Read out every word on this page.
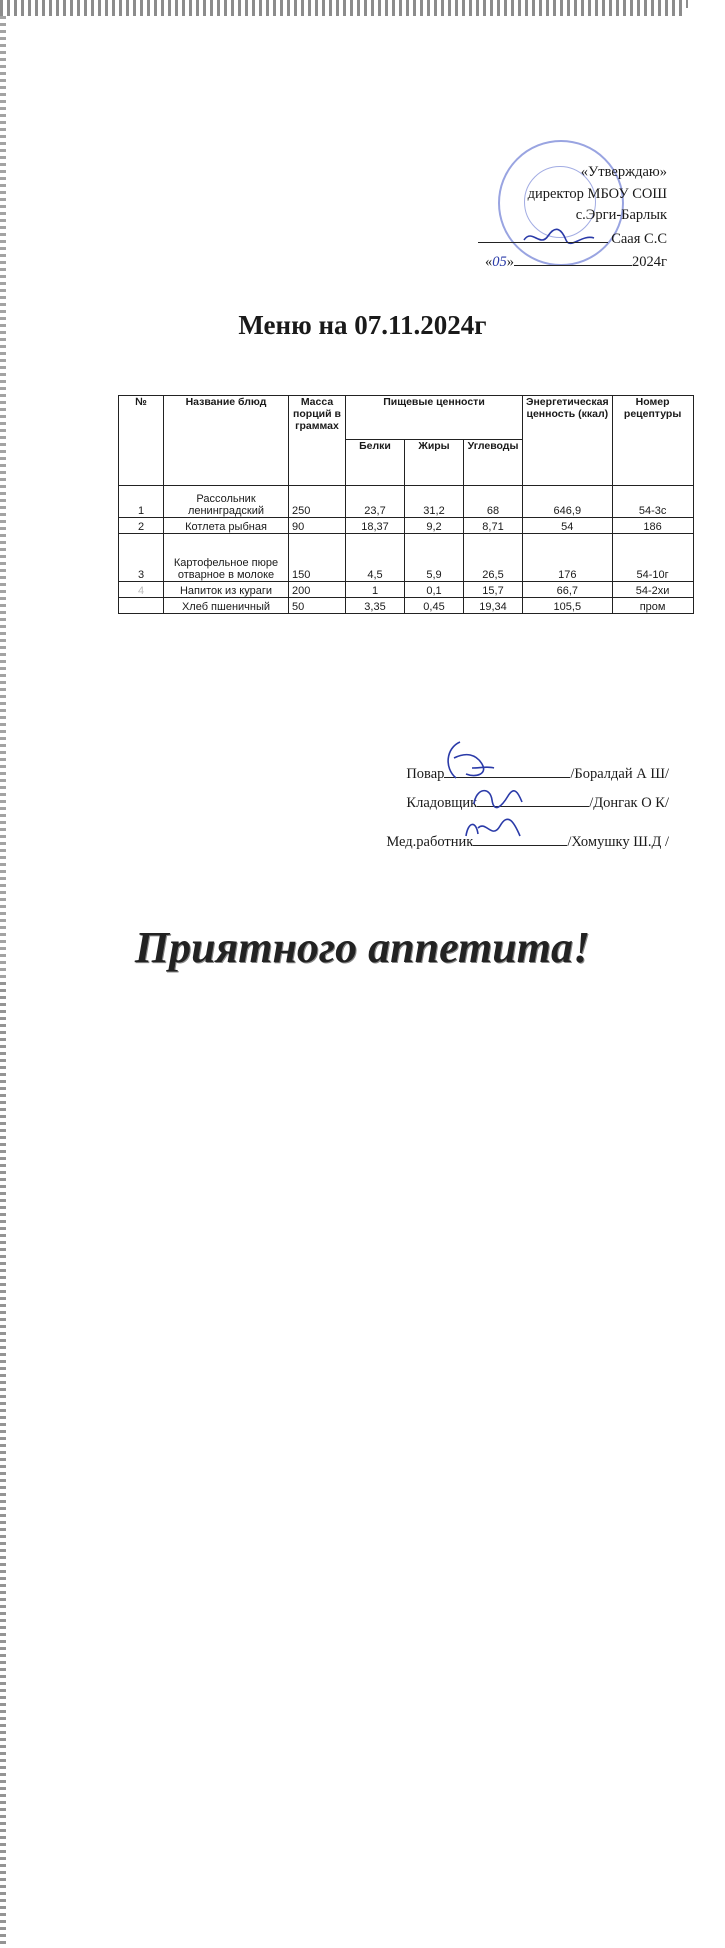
«Утверждаю»
директор МБОУ СОШ
с.Эрги-Барлык
Саая С.С
«05»	2024г
Меню на 07.11.2024г
№	Название блюд	Масса порций в граммах	Пищевые ценности			Энергетическая ценность (ккал)	Номер рецептуры
			Белки	Жиры	Углеводы		
1	Рассольник ленинградский	250	23,7	31,2	68	646,9	54-3с
2	Котлета рыбная	90	18,37	9,2	8,71	54	186
3	Картофельное пюре отварное в молоке	150	4,5	5,9	26,5	176	54-10г
4	Напиток из кураги	200	1	0,1	15,7	66,7	54-2хи
	Хлеб пшеничный	50	3,35	0,45	19,34	105,5	пром
Повар	/Боралдай А Ш/
Кладовщик	/Донгак О К/
Мед.работник	/Хомушку Ш.Д /
Приятного аппетита!
